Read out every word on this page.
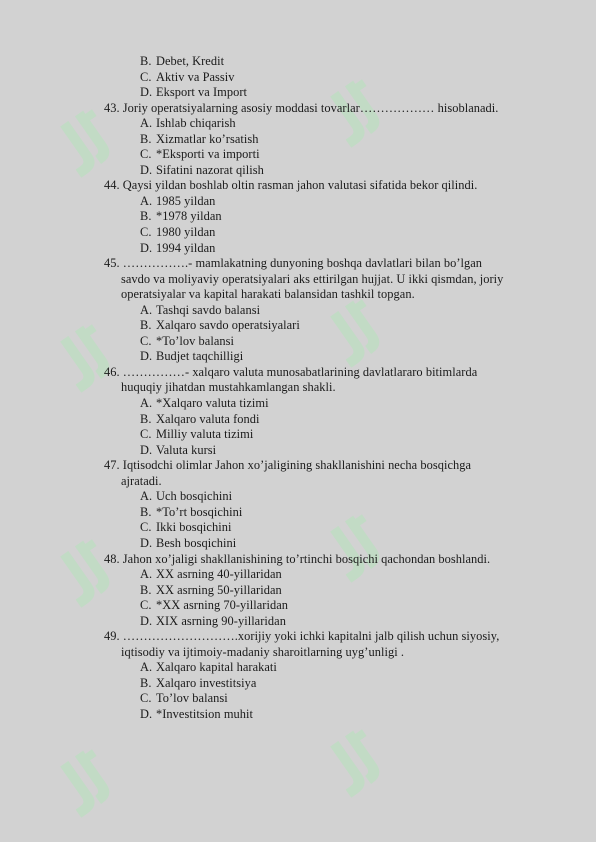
B. Debet, Kredit
C. Aktiv va Passiv
D. Eksport va Import
43. Joriy operatsiyalarning asosiy moddasi tovarlar……………… hisoblanadi.
A. Ishlab chiqarish
B. Xizmatlar ko’rsatish
C. *Eksporti va importi
D. Sifatini nazorat qilish
44. Qaysi yildan boshlab oltin rasman jahon valutasi sifatida bekor qilindi.
A. 1985 yildan
B. *1978 yildan
C. 1980 yildan
D. 1994 yildan
45. …………….- mamlakatning dunyoning boshqa davlatlari bilan bo’lgan
savdo va moliyaviy operatsiyalari aks ettirilgan hujjat. U ikki qismdan, joriy
operatsiyalar va kapital harakati balansidan tashkil topgan.
A. Tashqi savdo balansi
B. Xalqaro savdo operatsiyalari
C. *To’lov balansi
D. Budjet taqchilligi
46. ……………- xalqaro valuta munosabatlarining davlatlararo bitimlarda
huquqiy jihatdan mustahkamlangan shakli.
A. *Xalqaro valuta tizimi
B. Xalqaro valuta fondi
C. Milliy valuta tizimi
D. Valuta kursi
47. Iqtisodchi olimlar Jahon xo’jaligining shakllanishini necha bosqichga
ajratadi.
A. Uch bosqichini
B. *To’rt bosqichini
C. Ikki bosqichini
D. Besh bosqichini
48. Jahon xo’jaligi shakllanishining to’rtinchi bosqichi qachondan boshlandi.
A. XX asrning 40-yillaridan
B. XX asrning 50-yillaridan
C. *XX asrning 70-yillaridan
D. XIX asrning 90-yillaridan
49. ……………………….xorijiy yoki ichki kapitalni jalb qilish uchun siyosiy,
iqtisodiy va ijtimoiy-madaniy sharoitlarning uyg’unligi .
A. Xalqaro kapital harakati
B. Xalqaro investitsiya
C. To’lov balansi
D. *Investitsion muhit
